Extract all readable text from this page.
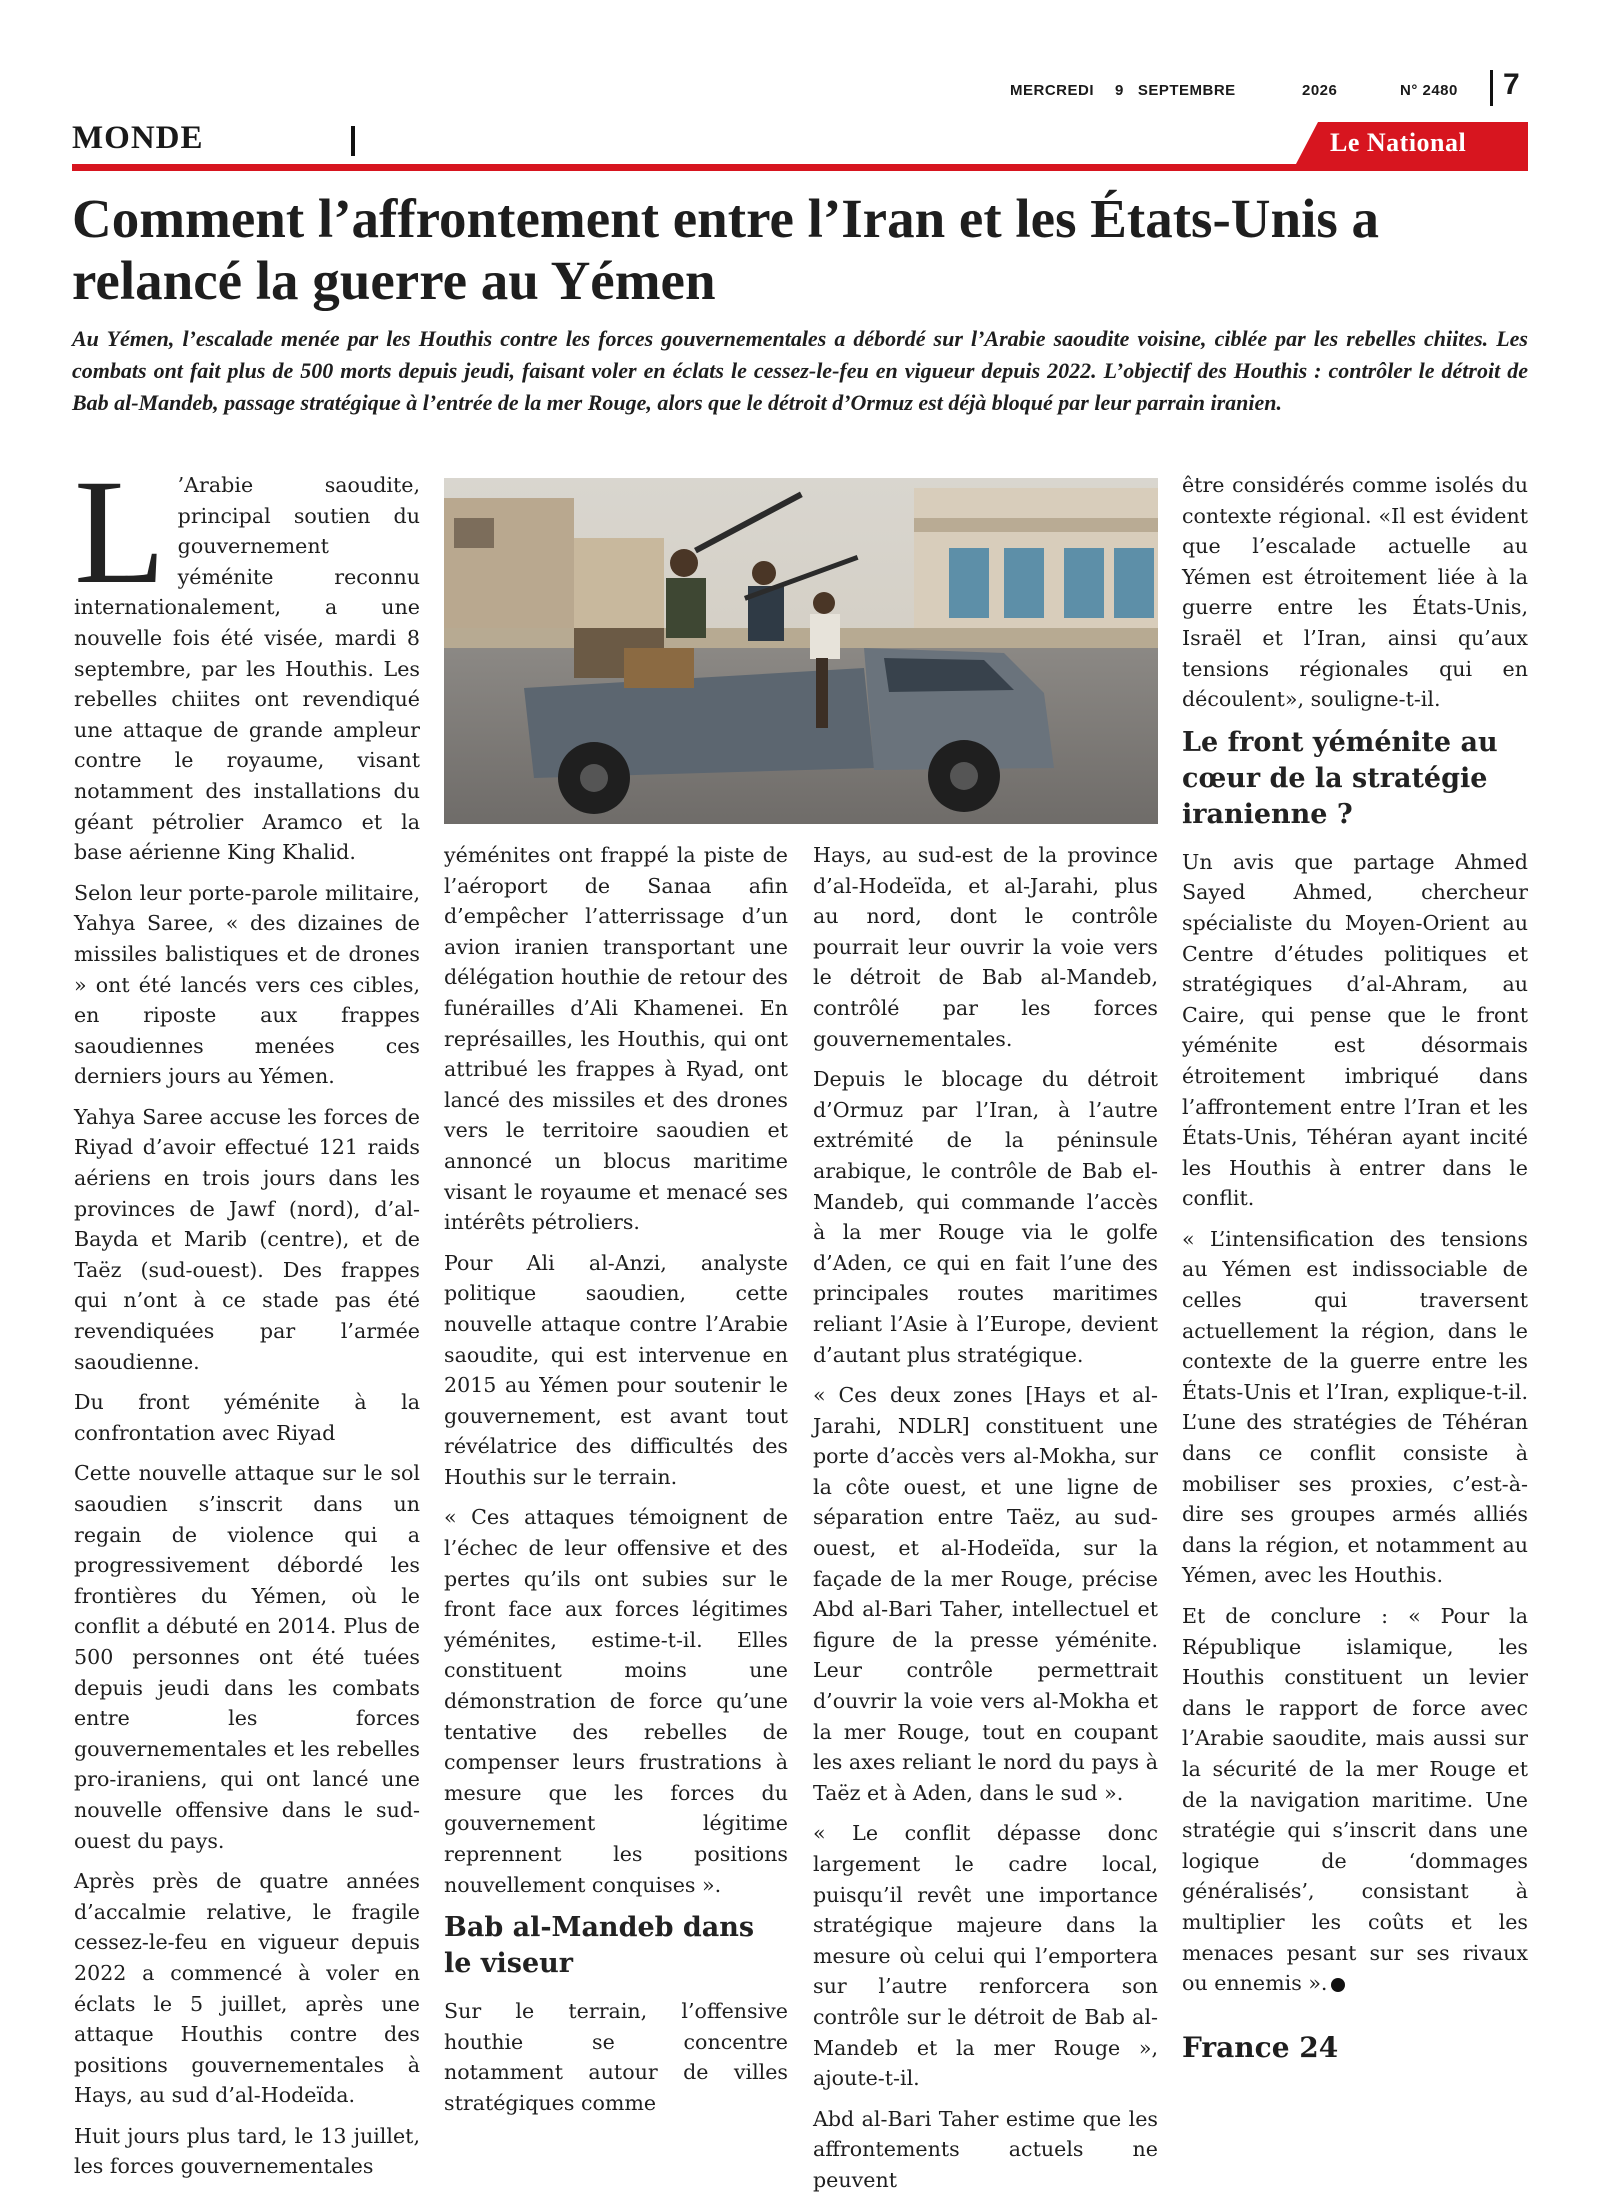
MERCREDI 9   SEPTEMBRE	2026	N° 2480 7
MONDE	Le National
Comment l’affrontement entre l’Iran et les États-Unis a relancé la guerre au Yémen
Au Yémen, l’escalade menée par les Houthis contre les forces gouvernementales a débordé sur l’Arabie saoudite voisine, ciblée par les rebelles chiites. Les combats ont fait plus de 500 morts depuis jeudi, faisant voler en éclats le cessez-le-feu en vigueur depuis 2022. L’objectif des Houthis : contrôler le détroit de Bab al-Mandeb, passage stratégique à l’entrée de la mer Rouge, alors que le détroit d’Ormuz est déjà bloqué par leur parrain iranien.

L ’Arabie saoudite, principal soutien du gouvernement yéménite reconnu internationalement, a une nouvelle fois été visée, mardi 8 septembre, par les Houthis. Les rebelles chiites ont revendiqué une attaque de grande ampleur contre le royaume, visant notamment des installations du géant pétrolier Aramco et la base aérienne King Khalid.

Selon leur porte-parole militaire, Yahya Saree, « des dizaines de missiles balistiques et de drones » ont été lancés vers ces cibles, en riposte aux frappes saoudiennes menées ces derniers jours au Yémen.

Yahya Saree accuse les forces de Riyad d’avoir effectué 121 raids aériens en trois jours dans les provinces de Jawf (nord), d’al-Bayda et Marib (centre), et de Taëz (sud-ouest). Des frappes qui n’ont à ce stade pas été revendiquées par l’armée saoudienne.

Du front yéménite à la confrontation avec Riyad

Cette nouvelle attaque sur le sol saoudien s’inscrit dans un regain de violence qui a progressivement débordé les frontières du Yémen, où le conflit a débuté en 2014. Plus de 500 personnes ont été tuées depuis jeudi dans les combats entre les forces gouvernementales et les rebelles pro-iraniens, qui ont lancé une nouvelle offensive dans le sud-ouest du pays.

Après près de quatre années d’accalmie relative, le fragile cessez-le-feu en vigueur depuis 2022 a commencé à voler en éclats le 5 juillet, après une attaque Houthis contre des positions gouvernementales à Hays, au sud d’al-Hodeïda.

Huit jours plus tard, le 13 juillet, les forces gouvernementales

yéménites ont frappé la piste de l’aéroport de Sanaa afin d’empêcher l’atterrissage d’un avion iranien transportant une délégation houthie de retour des funérailles d’Ali Khamenei. En représailles, les Houthis, qui ont attribué les frappes à Ryad, ont lancé des missiles et des drones vers le territoire saoudien et annoncé un blocus maritime visant le royaume et menacé ses intérêts pétroliers.

Pour Ali al-Anzi, analyste politique saoudien, cette nouvelle attaque contre l’Arabie saoudite, qui est intervenue en 2015 au Yémen pour soutenir le gouvernement, est avant tout révélatrice des difficultés des Houthis sur le terrain.

« Ces attaques témoignent de l’échec de leur offensive et des pertes qu’ils ont subies sur le front face aux forces légitimes yéménites, estime-t-il. Elles constituent moins une démonstration de force qu’une tentative des rebelles de compenser leurs frustrations à mesure que les forces du gouvernement légitime reprennent les positions nouvellement conquises ».

Bab al-Mandeb dans le viseur

Sur le terrain, l’offensive houthie se concentre notamment autour de villes stratégiques comme

Hays, au sud-est de la province d’al-Hodeïda, et al-Jarahi, plus au nord, dont le contrôle pourrait leur ouvrir la voie vers le détroit de Bab al-Mandeb, contrôlé par les forces gouvernementales.

Depuis le blocage du détroit d’Ormuz par l’Iran, à l’autre extrémité de la péninsule arabique, le contrôle de Bab el-Mandeb, qui commande l’accès à la mer Rouge via le golfe d’Aden, ce qui en fait l’une des principales routes maritimes reliant l’Asie à l’Europe, devient d’autant plus stratégique.

« Ces deux zones [Hays et al-Jarahi, NDLR] constituent une porte d’accès vers al-Mokha, sur la côte ouest, et une ligne de séparation entre Taëz, au sud-ouest, et al-Hodeïda, sur la façade de la mer Rouge, précise Abd al-Bari Taher, intellectuel et figure de la presse yéménite. Leur contrôle permettrait d’ouvrir la voie vers al-Mokha et la mer Rouge, tout en coupant les axes reliant le nord du pays à Taëz et à Aden, dans le sud ».

« Le conflit dépasse donc largement le cadre local, puisqu’il revêt une importance stratégique majeure dans la mesure où celui qui l’emportera sur l’autre renforcera son contrôle sur le détroit de Bab al-Mandeb et la mer Rouge », ajoute-t-il.

Abd al-Bari Taher estime que les affrontements actuels ne peuvent

être considérés comme isolés du contexte régional. «Il est évident que l’escalade actuelle au Yémen est étroitement liée à la guerre entre les États-Unis, Israël et l’Iran, ainsi qu’aux tensions régionales qui en découlent», souligne-t-il.

Le front yéménite au cœur de la stratégie iranienne ?

Un avis que partage Ahmed Sayed Ahmed, chercheur spécialiste du Moyen-Orient au Centre d’études politiques et stratégiques d’al-Ahram, au Caire, qui pense que le front yéménite est désormais étroitement imbriqué dans l’affrontement entre l’Iran et les États-Unis, Téhéran ayant incité les Houthis à entrer dans le conflit.

« L’intensification des tensions au Yémen est indissociable de celles qui traversent actuellement la région, dans le contexte de la guerre entre les États-Unis et l’Iran, explique-t-il. L’une des stratégies de Téhéran dans ce conflit consiste à mobiliser ses proxies, c’est-à-dire ses groupes armés alliés dans la région, et notamment au Yémen, avec les Houthis.

Et de conclure : « Pour la République islamique, les Houthis constituent un levier dans le rapport de force avec l’Arabie saoudite, mais aussi sur la sécurité de la mer Rouge et de la navigation maritime. Une stratégie qui s’inscrit dans une logique de ‘dommages généralisés’, consistant à multiplier les coûts et les menaces pesant sur ses rivaux ou ennemis ».

France 24
